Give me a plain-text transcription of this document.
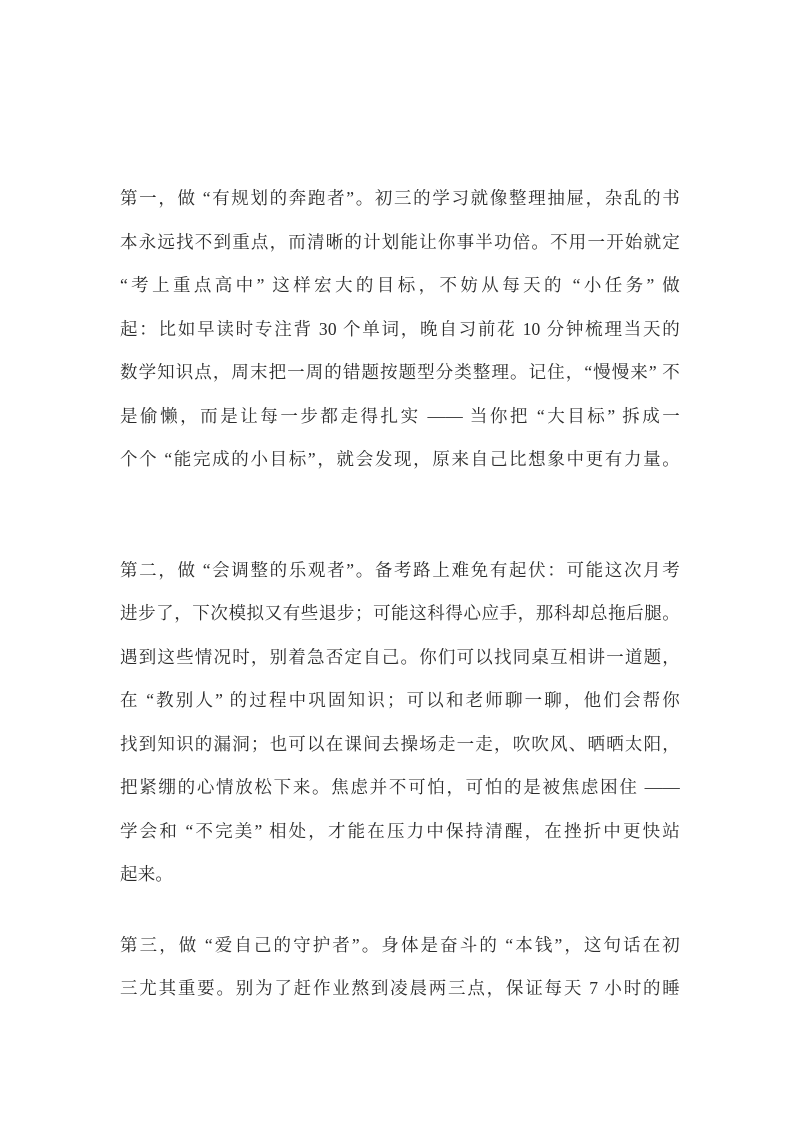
第一，做 “有规划的奔跑者”。初三的学习就像整理抽屉，杂乱的书
本永远找不到重点，而清晰的计划能让你事半功倍。不用一开始就定
“考上重点高中” 这样宏大的目标，不妨从每天的 “小任务” 做
起：比如早读时专注背 30 个单词，晚自习前花 10 分钟梳理当天的
数学知识点，周末把一周的错题按题型分类整理。记住，“慢慢来” 不
是偷懒，而是让每一步都走得扎实 —— 当你把 “大目标” 拆成一
个个 “能完成的小目标”，就会发现，原来自己比想象中更有力量。
第二，做 “会调整的乐观者”。备考路上难免有起伏：可能这次月考
进步了，下次模拟又有些退步；可能这科得心应手，那科却总拖后腿。
遇到这些情况时，别着急否定自己。你们可以找同桌互相讲一道题，
在 “教别人” 的过程中巩固知识；可以和老师聊一聊，他们会帮你
找到知识的漏洞；也可以在课间去操场走一走，吹吹风、晒晒太阳，
把紧绷的心情放松下来。焦虑并不可怕，可怕的是被焦虑困住 ——
学会和 “不完美” 相处，才能在压力中保持清醒，在挫折中更快站
起来。
第三，做 “爱自己的守护者”。身体是奋斗的 “本钱”，这句话在初
三尤其重要。别为了赶作业熬到凌晨两三点，保证每天 7 小时的睡
